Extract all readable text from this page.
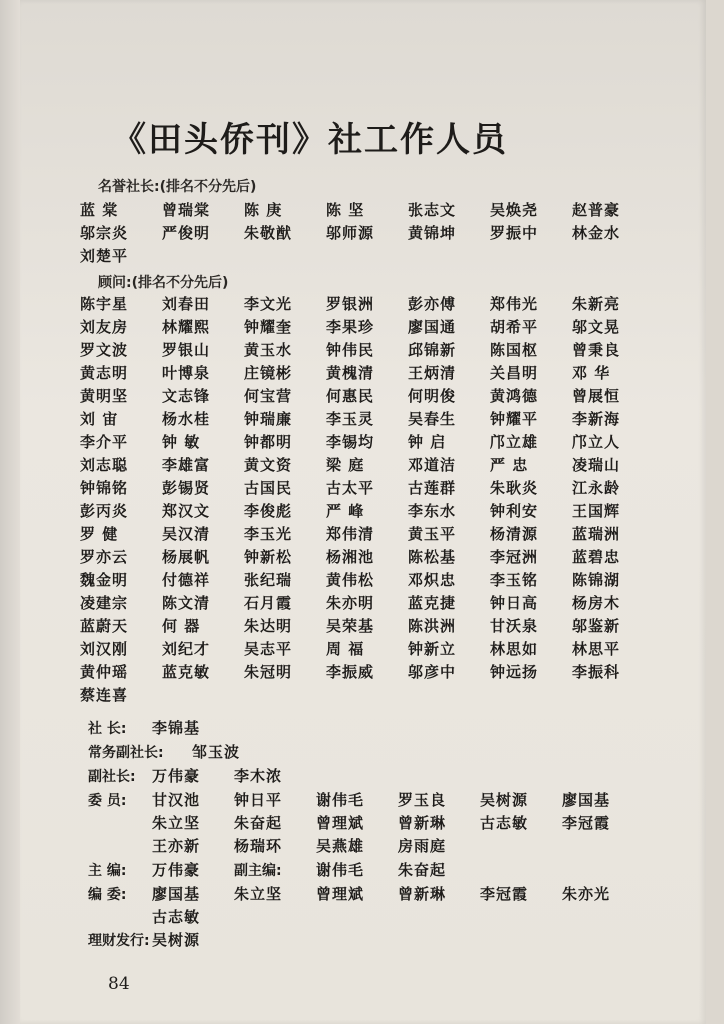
《田头侨刊》社工作人员
名誉社长:(排名不分先后)
蓝 棠	曾瑞棠	陈 庚	陈 坚	张志文	吴焕尧	赵普豪
邬宗炎	严俊明	朱敬猷	邬师源	黄锦坤	罗振中	林金水
刘楚平
顾问:(排名不分先后)
陈宇星	刘春田	李文光	罗银洲	彭亦傅	郑伟光	朱新亮
刘友房	林耀熙	钟耀奎	李果珍	廖国通	胡希平	邬文晃
罗文波	罗银山	黄玉水	钟伟民	邱锦新	陈国枢	曾秉良
黄志明	叶博泉	庄镜彬	黄槐清	王炳清	关昌明	邓 华
黄明坚	文志锋	何宝营	何惠民	何明俊	黄鸿德	曾展恒
刘 宙	杨水桂	钟瑞廉	李玉灵	吴春生	钟耀平	李新海
李介平	钟 敏	钟都明	李锡均	钟 启	邝立雄	邝立人
刘志聪	李雄富	黄文资	梁 庭	邓道洁	严 忠	凌瑞山
钟锦铭	彭锡贤	古国民	古太平	古莲群	朱耿炎	江永龄
彭丙炎	郑汉文	李俊彪	严 峰	李东水	钟利安	王国辉
罗 健	吴汉清	李玉光	郑伟清	黄玉平	杨清源	蓝瑞洲
罗亦云	杨展帆	钟新松	杨湘池	陈松基	李冠洲	蓝碧忠
魏金明	付德祥	张纪瑞	黄伟松	邓炽忠	李玉铭	陈锦湖
凌建宗	陈文清	石月霞	朱亦明	蓝克捷	钟日高	杨房木
蓝蔚天	何 器	朱达明	吴荣基	陈洪洲	甘沃泉	邬鉴新
刘汉刚	刘纪才	吴志平	周 福	钟新立	林思如	林思平
黄仲瑶	蓝克敏	朱冠明	李振威	邬彦中	钟远扬	李振科
蔡连喜
社 长: 李锦基
常务副社长: 邹玉波
副社长: 万伟豪 李木浓
委 员: 甘汉池	钟日平	谢伟毛	罗玉良	吴树源	廖国基
朱立坚	朱奋起	曾理斌	曾新琳	古志敏	李冠霞
王亦新	杨瑞环	吴燕雄	房雨庭
主 编: 万伟豪 副主编: 谢伟毛 朱奋起
编 委: 廖国基	朱立坚	曾理斌	曾新琳	李冠霞	朱亦光
古志敏
理财发行: 吴树源
84
